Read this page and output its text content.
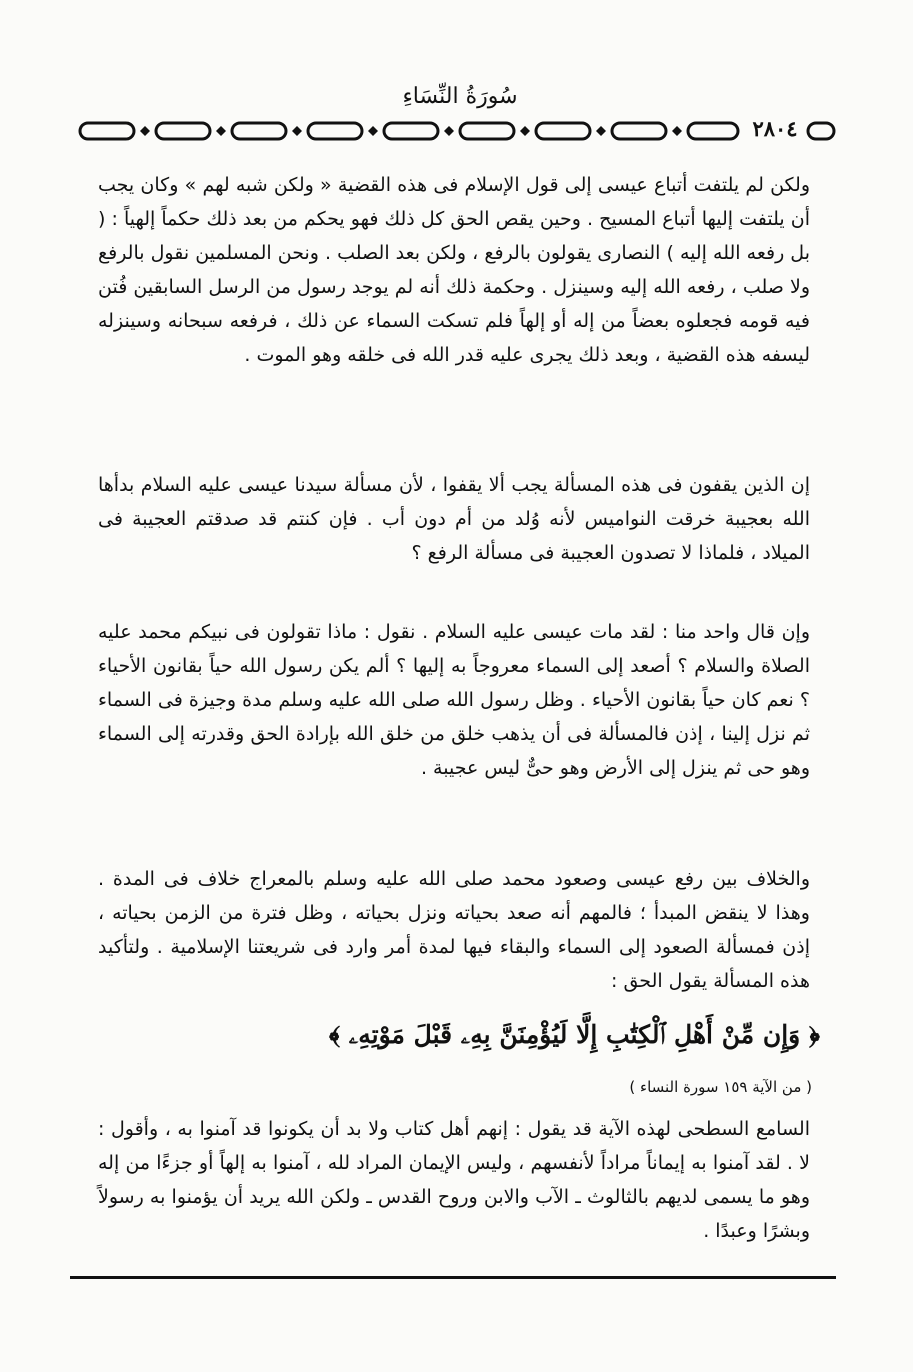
سُورَةُ النِّسَاءِ
٢٨٠٤

ولكن لم يلتفت أتباع عيسى إلى قول الإسلام فى هذه القضية « ولكن شبه لهم » وكان يجب أن يلتفت إليها أتباع المسيح . وحين يقص الحق كل ذلك فهو يحكم من بعد ذلك حكماً إلهياً : ( بل رفعه الله إليه ) النصارى يقولون بالرفع ، ولكن بعد الصلب . ونحن المسلمين نقول بالرفع ولا صلب ، رفعه الله إليه وسينزل . وحكمة ذلك أنه لم يوجد رسول من الرسل السابقين فُتن فيه قومه فجعلوه بعضاً من إله أو إلهاً فلم تسكت السماء عن ذلك ، فرفعه سبحانه وسينزله ليسفه هذه القضية ، وبعد ذلك يجرى عليه قدر الله فى خلقه وهو الموت .

إن الذين يقفون فى هذه المسألة يجب ألا يقفوا ، لأن مسألة سيدنا عيسى عليه السلام بدأها الله بعجيبة خرقت النواميس لأنه وُلد من أم دون أب . فإن كنتم قد صدقتم العجيبة فى الميلاد ، فلماذا لا تصدون العجيبة فى مسألة الرفع ؟

وإن قال واحد منا : لقد مات عيسى عليه السلام . نقول : ماذا تقولون فى نبيكم محمد عليه الصلاة والسلام ؟ أصعد إلى السماء معروجاً به إليها ؟ ألم يكن رسول الله حياً بقانون الأحياء ؟ نعم كان حياً بقانون الأحياء . وظل رسول الله صلى الله عليه وسلم مدة وجيزة فى السماء ثم نزل إلينا ، إذن فالمسألة فى أن يذهب خلق من خلق الله بإرادة الحق وقدرته إلى السماء وهو حى ثم ينزل إلى الأرض وهو حىٌّ ليس عجيبة .

والخلاف بين رفع عيسى وصعود محمد صلى الله عليه وسلم بالمعراج خلاف فى المدة . وهذا لا ينقض المبدأ ؛ فالمهم أنه صعد بحياته ونزل بحياته ، وظل فترة من الزمن بحياته ، إذن فمسألة الصعود إلى السماء والبقاء فيها لمدة أمر وارد فى شريعتنا الإسلامية . ولتأكيد هذه المسألة يقول الحق :

﴿ وَإِن مِّنْ أَهْلِ ٱلْكِتَٰبِ إِلَّا لَيُؤْمِنَنَّ بِهِۦ قَبْلَ مَوْتِهِۦ ﴾
( من الآية ١٥٩ سورة النساء )

السامع السطحى لهذه الآية قد يقول : إنهم أهل كتاب ولا بد أن يكونوا قد آمنوا به ، وأقول : لا . لقد آمنوا به إيماناً مراداً لأنفسهم ، وليس الإيمان المراد لله ، آمنوا به إلهاً أو جزءًا من إله وهو ما يسمى لديهم بالثالوث ـ الآب والابن وروح القدس ـ ولكن الله يريد أن يؤمنوا به رسولاً وبشرًا وعبدًا .
